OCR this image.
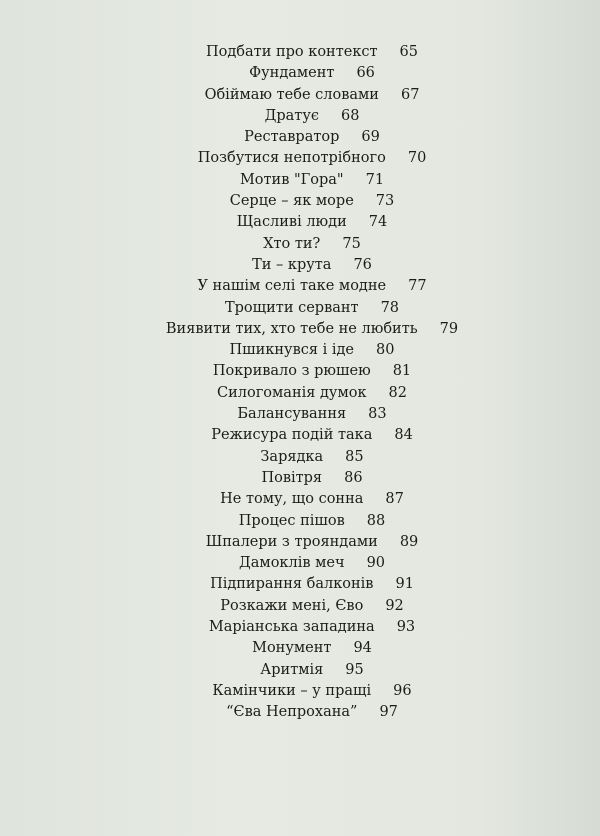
Подбати про контекст 65
Фундамент 66
Обіймаю тебе словами 67
Дратує 68
Реставратор 69
Позбутися непотрібного 70
Мотив "Гора" 71
Серце – як море 73
Щасливі люди 74
Хто ти? 75
Ти – крута 76
У нашім селі таке модне 77
Трощити сервант 78
Виявити тих, хто тебе не любить 79
Пшикнувся і іде 80
Покривало з рюшею 81
Силогоманія думок 82
Балансування 83
Режисура подій така 84
Зарядка 85
Повітря 86
Не тому, що сонна 87
Процес пішов 88
Шпалери з трояндами 89
Дамоклів меч 90
Підпирання балконів 91
Розкажи мені, Єво 92
Маріанська западина 93
Монумент 94
Аритмія 95
Камінчики – у пращі 96
“Єва Непрохана” 97
